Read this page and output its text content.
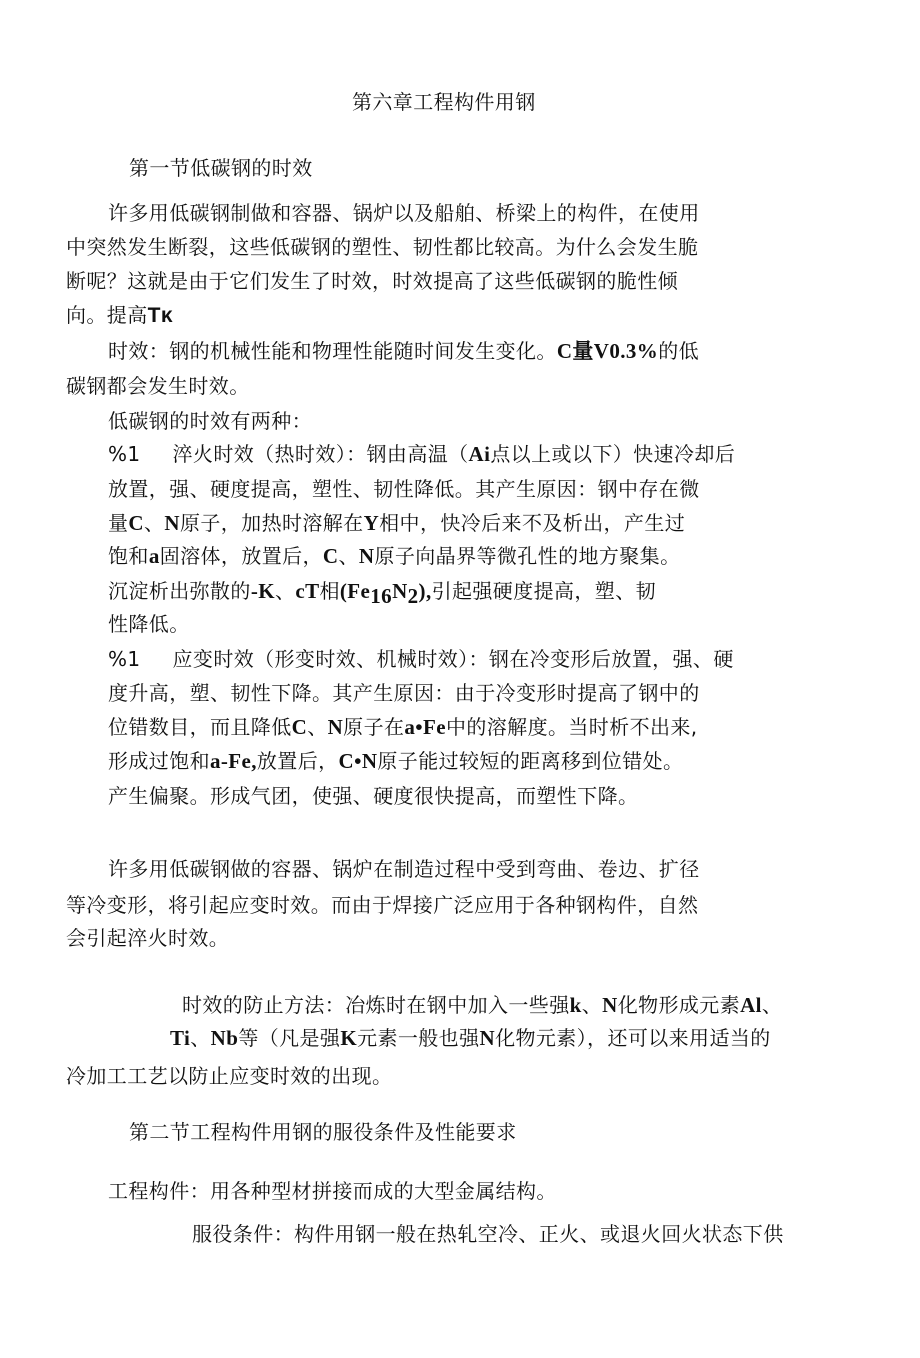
第六章工程构件用钢
第一节低碳钢的时效
许多用低碳钢制做和容器、锅炉以及船舶、桥梁上的构件，在使用
中突然发生断裂，这些低碳钢的塑性、韧性都比较高。为什么会发生脆
断呢？这就是由于它们发生了时效，时效提高了这些低碳钢的脆性倾
向。提高Tκ
时效：钢的机械性能和物理性能随时间发生变化。C量V0.3%的低
碳钢都会发生时效。
低碳钢的时效有两种：
%1 淬火时效（热时效）：钢由高温（Ai点以上或以下）快速冷却后
放置，强、硬度提高，塑性、韧性降低。其产生原因：钢中存在微
量C、N原子，加热时溶解在Y相中，快冷后来不及析出，产生过
饱和a固溶体，放置后，C、N原子向晶界等微孔性的地方聚集。
沉淀析出弥散的-K、cT相$(Fe_{16}N_2)$,引起强硬度提高，塑、韧
性降低。
%1 应变时效（形变时效、机械时效）：钢在冷变形后放置，强、硬
度升高，塑、韧性下降。其产生原因：由于冷变形时提高了钢中的
位错数目，而且降低C、N原子在a•Fe中的溶解度。当时析不出来,
形成过饱和a-Fe,放置后，C•N原子能过较短的距离移到位错处。
产生偏聚。形成气团，使强、硬度很快提高，而塑性下降。
许多用低碳钢做的容器、锅炉在制造过程中受到弯曲、卷边、扩径
等冷变形，将引起应变时效。而由于焊接广泛应用于各种钢构件，自然
会引起淬火时效。
时效的防止方法：冶炼时在钢中加入一些强k、N化物形成元素Al、
Ti、Nb等（凡是强K元素一般也强N化物元素），还可以来用适当的
冷加工工艺以防止应变时效的出现。
第二节工程构件用钢的服役条件及性能要求
工程构件：用各种型材拼接而成的大型金属结构。
服役条件：构件用钢一般在热轧空冷、正火、或退火回火状态下供
